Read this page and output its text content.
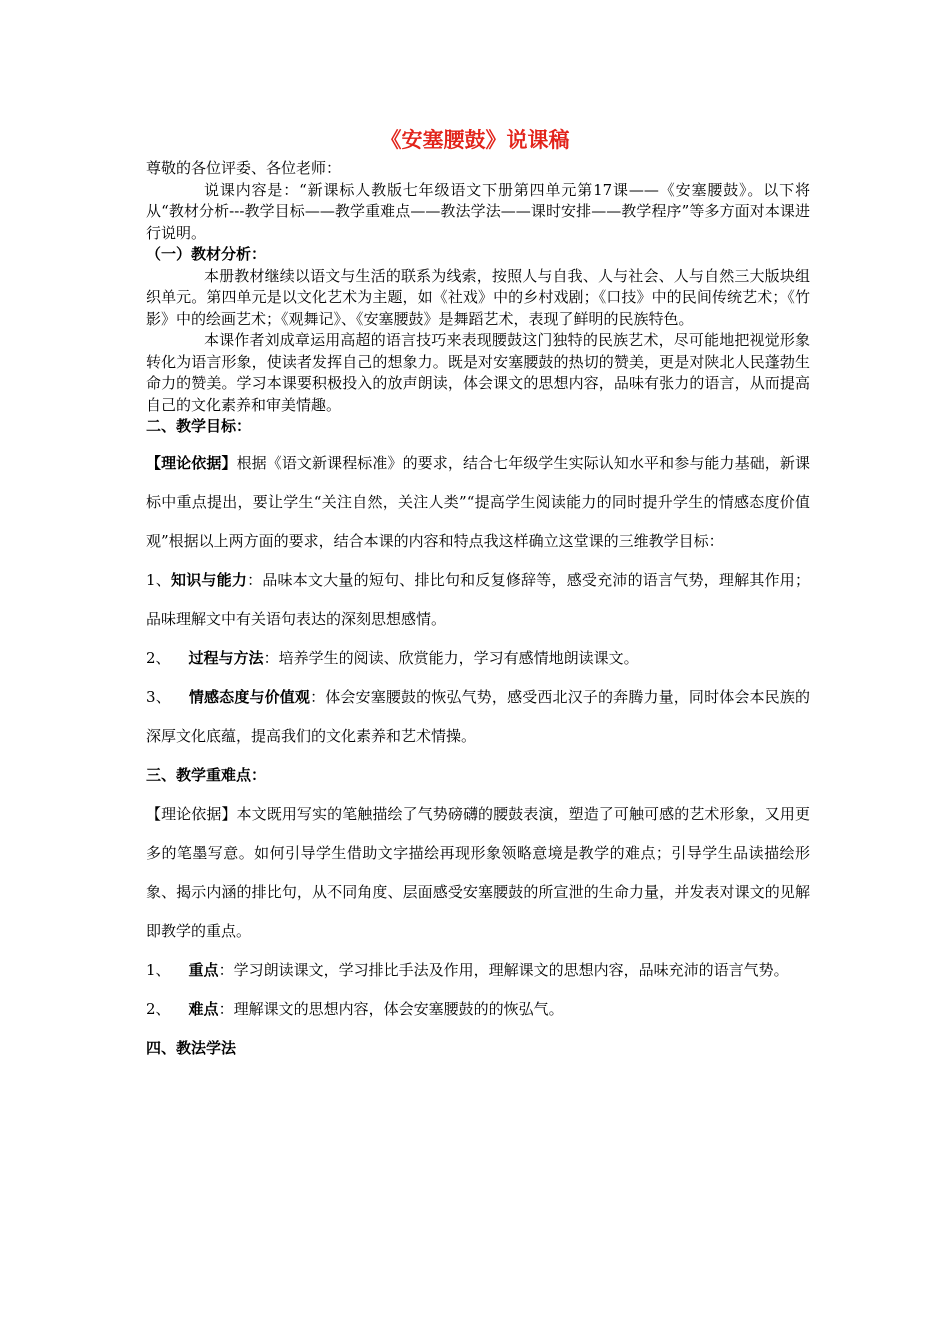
《安塞腰鼓》说课稿

尊敬的各位评委、各位老师：

说课内容是：“新课标人教版七年级语文下册第四单元第17课——《安塞腰鼓》。以下将从“教材分析---教学目标——教学重难点——教法学法——课时安排——教学程序”等多方面对本课进行说明。

（一）教材分析：

本册教材继续以语文与生活的联系为线索，按照人与自我、人与社会、人与自然三大版块组织单元。第四单元是以文化艺术为主题，如《社戏》中的乡村戏剧；《口技》中的民间传统艺术；《竹影》中的绘画艺术；《观舞记》、《安塞腰鼓》是舞蹈艺术，表现了鲜明的民族特色。

本课作者刘成章运用高超的语言技巧来表现腰鼓这门独特的民族艺术，尽可能地把视觉形象转化为语言形象，使读者发挥自己的想象力。既是对安塞腰鼓的热切的赞美，更是对陕北人民蓬勃生命力的赞美。学习本课要积极投入的放声朗读，体会课文的思想内容，品味有张力的语言，从而提高自己的文化素养和审美情趣。

二、教学目标：

【理论依据】根据《语文新课程标准》的要求，结合七年级学生实际认知水平和参与能力基础，新课标中重点提出，要让学生“关注自然，关注人类”“提高学生阅读能力的同时提升学生的情感态度价值观”根据以上两方面的要求，结合本课的内容和特点我这样确立这堂课的三维教学目标：

1、知识与能力：品味本文大量的短句、排比句和反复修辞等，感受充沛的语言气势，理解其作用；品味理解文中有关语句表达的深刻思想感情。

2、 过程与方法：培养学生的阅读、欣赏能力，学习有感情地朗读课文。

3、 情感态度与价值观：体会安塞腰鼓的恢弘气势，感受西北汉子的奔腾力量，同时体会本民族的深厚文化底蕴，提高我们的文化素养和艺术情操。

三、教学重难点：

【理论依据】本文既用写实的笔触描绘了气势磅礴的腰鼓表演，塑造了可触可感的艺术形象，又用更多的笔墨写意。如何引导学生借助文字描绘再现形象领略意境是教学的难点；引导学生品读描绘形象、揭示内涵的排比句，从不同角度、层面感受安塞腰鼓的所宣泄的生命力量，并发表对课文的见解即教学的重点。

1、 重点：学习朗读课文，学习排比手法及作用，理解课文的思想内容，品味充沛的语言气势。

2、 难点：理解课文的思想内容，体会安塞腰鼓的的恢弘气。

四、教法学法
